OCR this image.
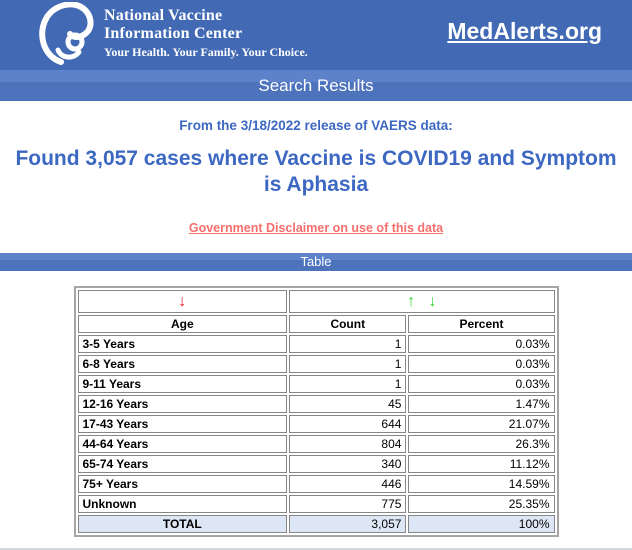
National Vaccine
Information Center
Your Health. Your Family. Your Choice.
MedAlerts.org
Search Results
From the 3/18/2022 release of VAERS data:
Found 3,057 cases where Vaccine is COVID19 and Symptom is Aphasia
Government Disclaimer on use of this data
Table
↓	↑ ↓	
Age	Count	Percent
3-5 Years	1	0.03%
6-8 Years	1	0.03%
9-11 Years	1	0.03%
12-16 Years	45	1.47%
17-43 Years	644	21.07%
44-64 Years	804	26.3%
65-74 Years	340	11.12%
75+ Years	446	14.59%
Unknown	775	25.35%
TOTAL	3,057	100%
